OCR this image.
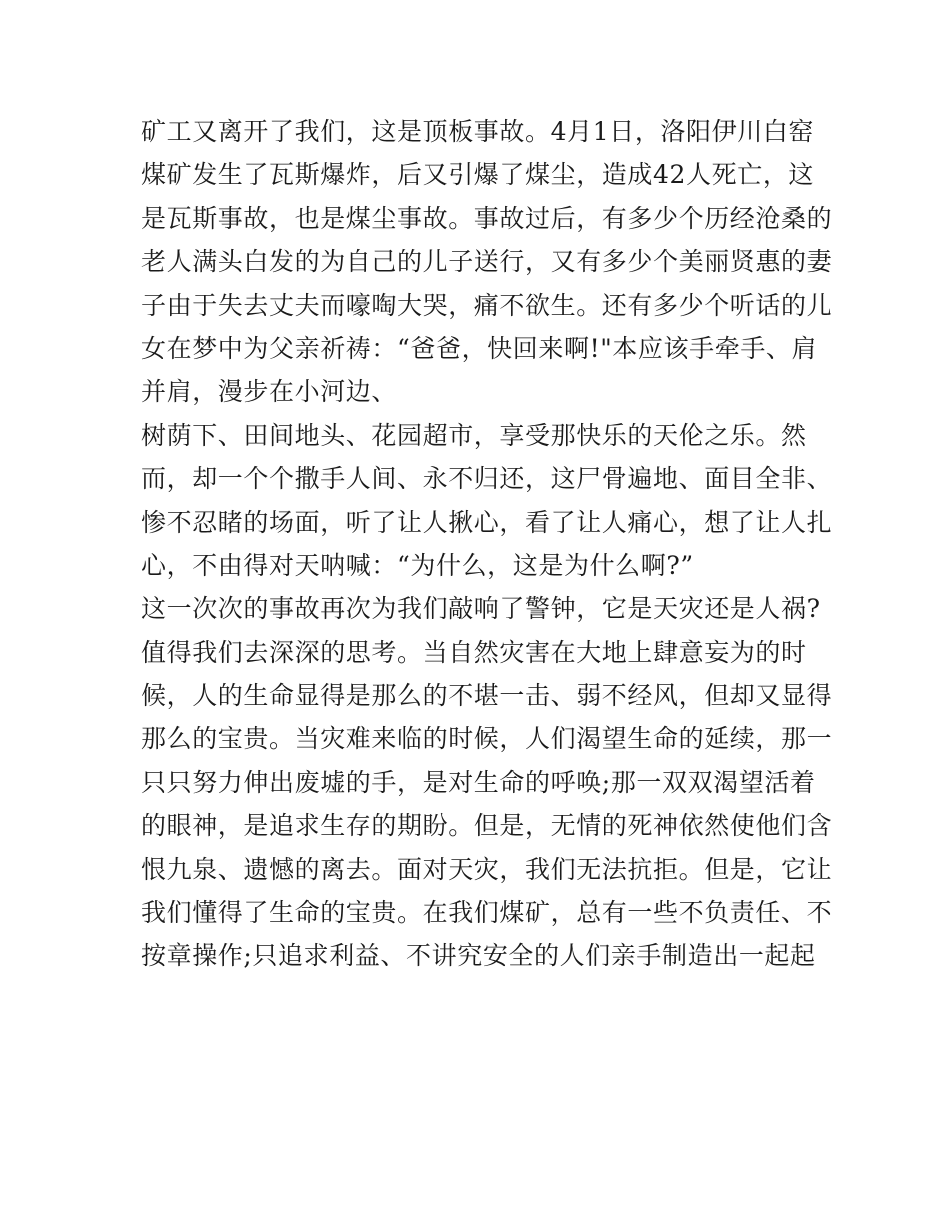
矿工又离开了我们，这是顶板事故。4月1日，洛阳伊川白窑
煤矿发生了瓦斯爆炸，后又引爆了煤尘，造成42人死亡，这
是瓦斯事故，也是煤尘事故。事故过后，有多少个历经沧桑的
老人满头白发的为自己的儿子送行，又有多少个美丽贤惠的妻
子由于失去丈夫而嚎啕大哭，痛不欲生。还有多少个听话的儿
女在梦中为父亲祈祷：“爸爸，快回来啊!"本应该手牵手、肩
并肩，漫步在小河边、
树荫下、田间地头、花园超市，享受那快乐的天伦之乐。然
而，却一个个撒手人间、永不归还，这尸骨遍地、面目全非、
惨不忍睹的场面，听了让人揪心，看了让人痛心，想了让人扎
心，不由得对天呐喊：“为什么，这是为什么啊?”
这一次次的事故再次为我们敲响了警钟，它是天灾还是人祸?
值得我们去深深的思考。当自然灾害在大地上肆意妄为的时
候，人的生命显得是那么的不堪一击、弱不经风，但却又显得
那么的宝贵。当灾难来临的时候，人们渴望生命的延续，那一
只只努力伸出废墟的手，是对生命的呼唤;那一双双渴望活着
的眼神，是追求生存的期盼。但是，无情的死神依然使他们含
恨九泉、遗憾的离去。面对天灾，我们无法抗拒。但是，它让
我们懂得了生命的宝贵。在我们煤矿，总有一些不负责任、不
按章操作;只追求利益、不讲究安全的人们亲手制造出一起起
